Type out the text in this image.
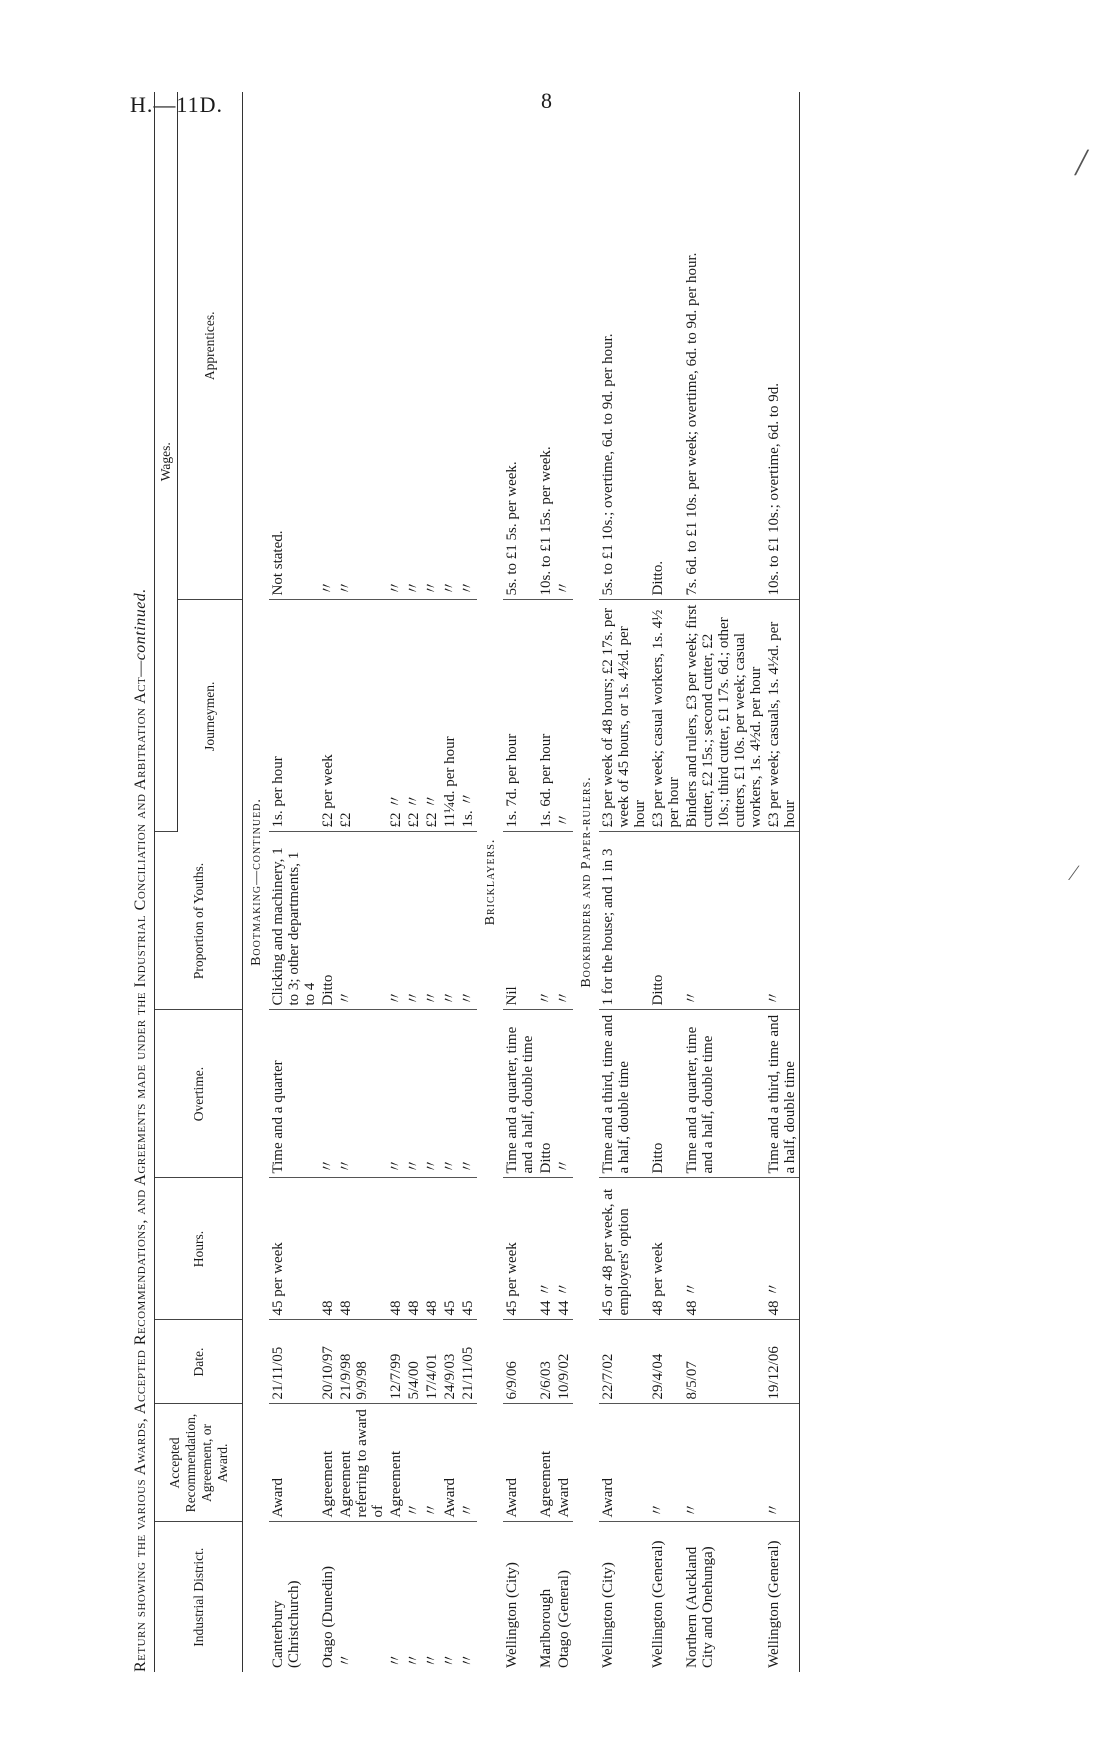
H.—11D.	8
╱
∕
Return showing the various Awards, Accepted Recommendations, and Agreements made under the Industrial Conciliation and Arbitration Act—continued.
Industrial District.	Accepted Recommendation, Agreement, or Award.	Date.	Hours.	Overtime.	Proportion of Youths.	Wages.	
						Journeymen.	Apprentices.
Bootmaking—continued.							
Canterbury (Christchurch)	Award	21/11/05	45 per week	Time and a quarter	Clicking and machinery, 1 to 3; other departments, 1 to 4	1s. per hour	Not stated.
Otago (Dunedin)	Agreement	20/10/97	48	〃	Ditto	£2 per week	〃
〃	Agreement referring to award of	21/9/98 9/9/98	48	〃	〃	£2	〃
〃	Agreement	12/7/99	48	〃	〃	£2 〃	〃
〃	〃	5/4/00	48	〃	〃	£2 〃	〃
〃	〃	17/4/01	48	〃	〃	£2 〃	〃
〃	Award	24/9/03	45	〃	〃	11¼d. per hour	〃
〃	〃	21/11/05	45	〃	〃	1s. 〃	〃
Bricklayers.							
Wellington (City)	Award	6/9/06	45 per week	Time and a quarter, time and a half, double time	Nil	1s. 7d. per hour	5s. to £1 5s. per week.
Marlborough	Agreement	2/6/03	44 〃	Ditto	〃	1s. 6d. per hour	10s. to £1 15s. per week.
Otago (General)	Award	10/9/02	44 〃	〃	〃	〃	〃
Bookbinders and Paper-rulers.							
Wellington (City)	Award	22/7/02	45 or 48 per week, at employers' option	Time and a third, time and a half, double time	1 for the house; and 1 in 3	£3 per week of 48 hours; £2 17s. per week of 45 hours, or 1s. 4½d. per hour	5s. to £1 10s.; overtime, 6d. to 9d. per hour.
Wellington (General)	〃	29/4/04	48 per week	Ditto	Ditto	£3 per week; casual workers, 1s. 4½ per hour	Ditto.
Northern (Auckland City and Onehunga)	〃	8/5/07	48 〃	Time and a quarter, time and a half, double time	〃	Binders and rulers, £3 per week; first cutter, £2 15s.; second cutter, £2 10s.; third cutter, £1 17s. 6d.; other cutters, £1 10s. per week; casual workers, 1s. 4½d. per hour	7s. 6d. to £1 10s. per week; overtime, 6d. to 9d. per hour.
Wellington (General)	〃	19/12/06	48 〃	Time and a third, time and a half, double time	〃	£3 per week; casuals, 1s. 4½d. per hour	10s. to £1 10s.; overtime, 6d. to 9d.
